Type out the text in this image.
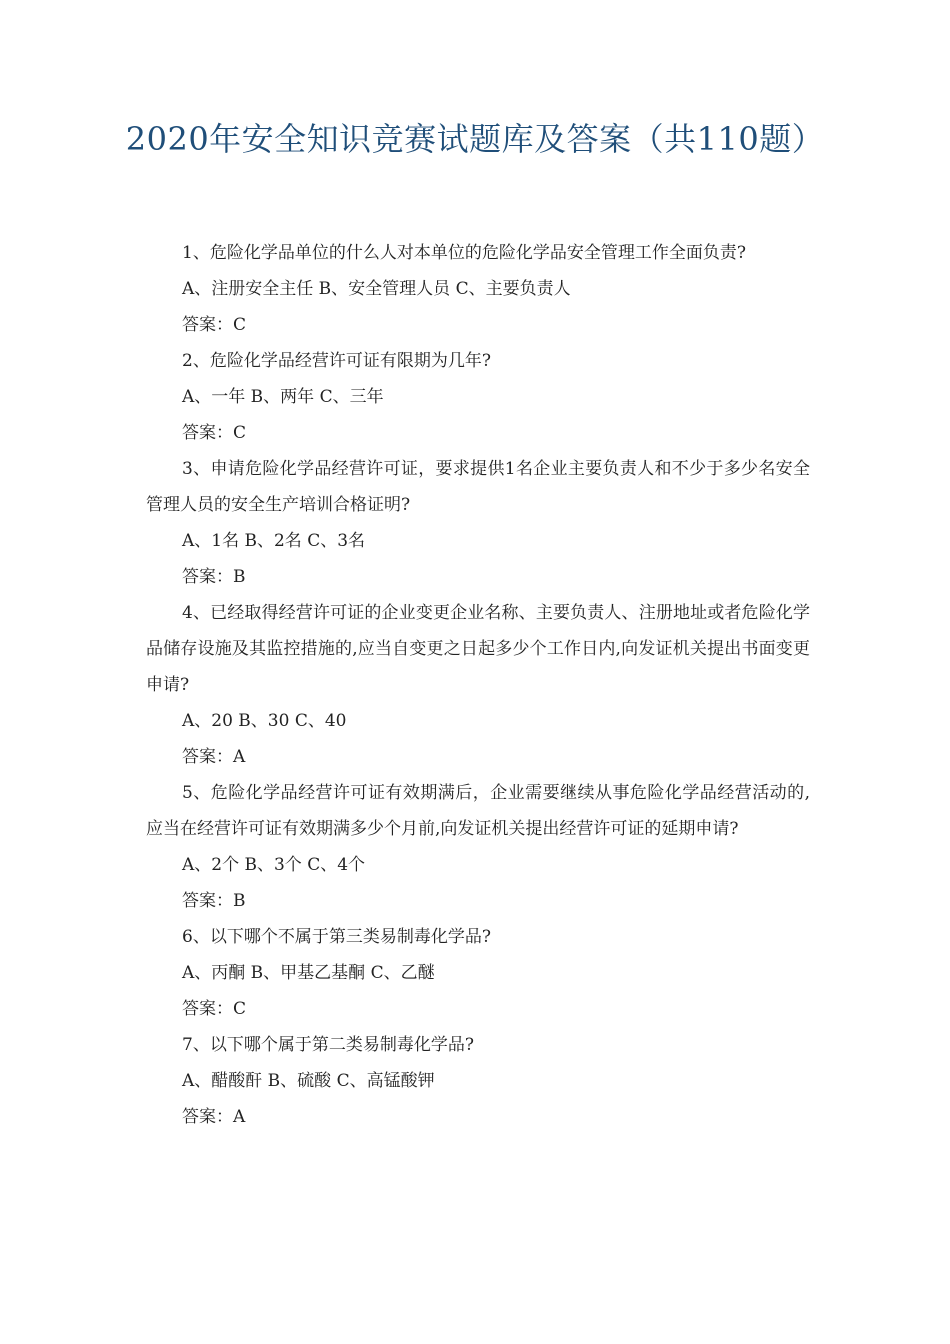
2020年安全知识竞赛试题库及答案（共110题）

1、危险化学品单位的什么人对本单位的危险化学品安全管理工作全面负责?

A、注册安全主任 B、安全管理人员 C、主要负责人

答案：C

2、危险化学品经营许可证有限期为几年?

A、一年 B、两年 C、三年

答案：C

3、申请危险化学品经营许可证，要求提供1名企业主要负责人和不少于多少名安全管理人员的安全生产培训合格证明?

A、1名 B、2名 C、3名

答案：B

4、已经取得经营许可证的企业变更企业名称、主要负责人、注册地址或者危险化学品储存设施及其监控措施的,应当自变更之日起多少个工作日内,向发证机关提出书面变更申请?

A、20 B、30 C、40

答案：A

5、危险化学品经营许可证有效期满后，企业需要继续从事危险化学品经营活动的,应当在经营许可证有效期满多少个月前,向发证机关提出经营许可证的延期申请?

A、2个 B、3个 C、4个

答案：B

6、以下哪个不属于第三类易制毒化学品?

A、丙酮 B、甲基乙基酮 C、乙醚

答案：C

7、以下哪个属于第二类易制毒化学品?

A、醋酸酐 B、硫酸 C、高锰酸钾

答案：A
